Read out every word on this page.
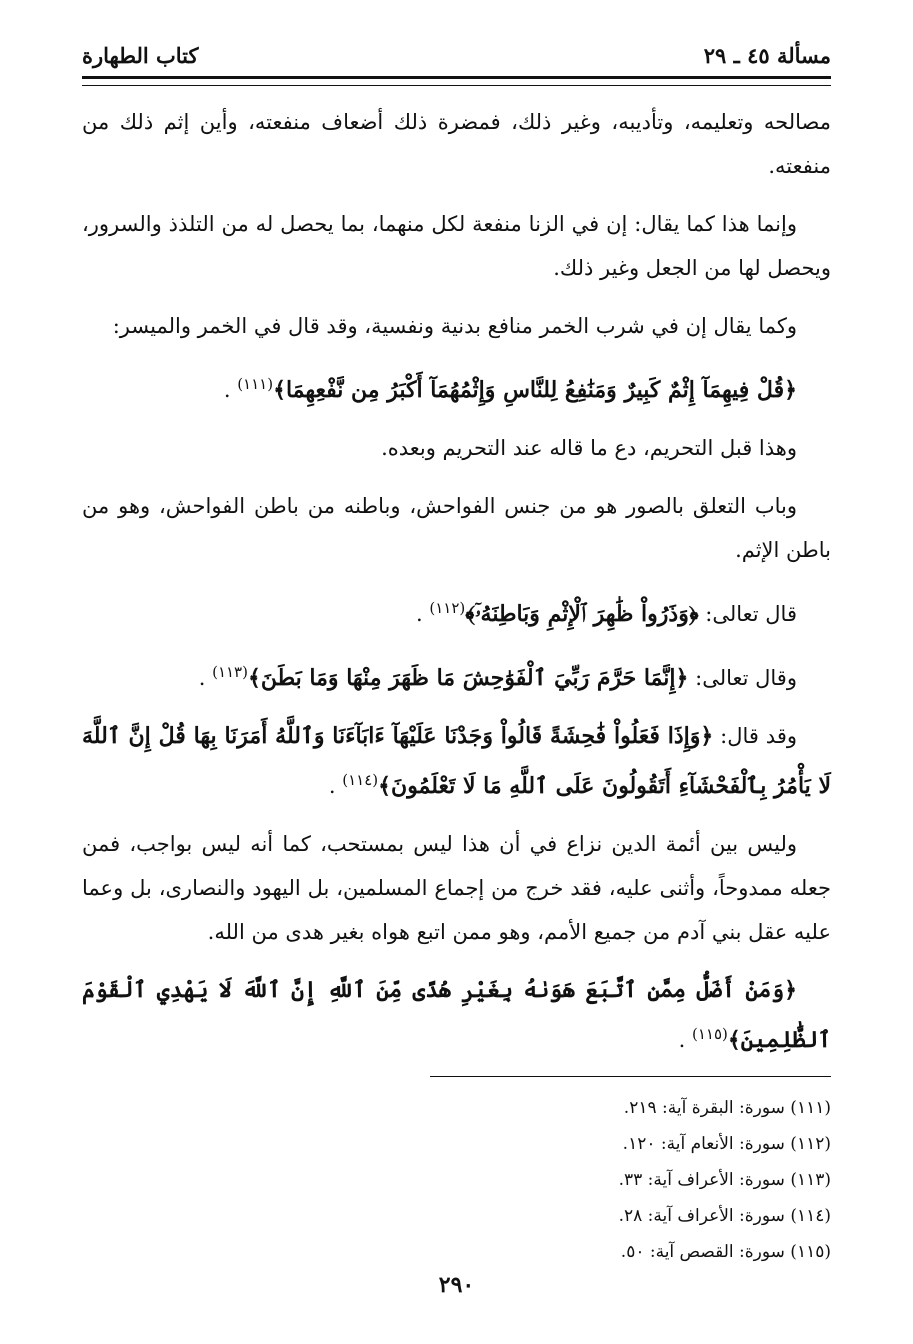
مسألة ٤٥ ـ ٢٩
كتاب الطهارة

مصالحه وتعليمه، وتأديبه، وغير ذلك، فمضرة ذلك أضعاف منفعته، وأين إثم ذلك من منفعته.

وإنما هذا كما يقال: إن في الزنا منفعة لكل منهما، بما يحصل له من التلذذ والسرور، ويحصل لها من الجعل وغير ذلك.

وكما يقال إن في شرب الخمر منافع بدنية ونفسية، وقد قال في الخمر والميسر:

﴿قُلْ فِيهِمَآ إِثْمٌ كَبِيرٌ وَمَنَٰفِعُ لِلنَّاسِ وَإِثْمُهُمَآ أَكْبَرُ مِن نَّفْعِهِمَا﴾$^{(١١١)}$ .

وهذا قبل التحريم، دع ما قاله عند التحريم وبعده.

وباب التعلق بالصور هو من جنس الفواحش، وباطنه من باطن الفواحش، وهو من باطن الإثم.

قال تعالى: ﴿وَذَرُواْ ظَٰهِرَ ٱلْإِثْمِ وَبَاطِنَهُۥٓ﴾$^{(١١٢)}$ .

وقال تعالى: ﴿إِنَّمَا حَرَّمَ رَبِّيَ ٱلْفَوَٰحِشَ مَا ظَهَرَ مِنْهَا وَمَا بَطَنَ﴾$^{(١١٣)}$ .

وقد قال: ﴿وَإِذَا فَعَلُواْ فَٰحِشَةً قَالُواْ وَجَدْنَا عَلَيْهَآ ءَابَآءَنَا وَٱللَّهُ أَمَرَنَا بِهَا قُلْ إِنَّ ٱللَّهَ لَا يَأْمُرُ بِٱلْفَحْشَآءِ أَتَقُولُونَ عَلَى ٱللَّهِ مَا لَا تَعْلَمُونَ﴾$^{(١١٤)}$ .

وليس بين أئمة الدين نزاع في أن هذا ليس بمستحب، كما أنه ليس بواجب، فمن جعله ممدوحاً، وأثنى عليه، فقد خرج من إجماع المسلمين، بل اليهود والنصارى، بل وعما عليه عقل بني آدم من جميع الأمم، وهو ممن اتبع هواه بغير هدى من الله.

﴿وَمَنْ أَضَلُّ مِمَّنِ ٱتَّبَعَ هَوَىٰهُ بِغَيْرِ هُدًى مِّنَ ٱللَّهِ إِنَّ ٱللَّهَ لَا يَهْدِي ٱلْقَوْمَ ٱلظَّٰلِمِينَ﴾$^{(١١٥)}$ .

(١١١) سورة: البقرة آية: ٢١٩.
(١١٢) سورة: الأنعام آية: ١٢٠.
(١١٣) سورة: الأعراف آية: ٣٣.
(١١٤) سورة: الأعراف آية: ٢٨.
(١١٥) سورة: القصص آية: ٥٠.
٢٩٠
